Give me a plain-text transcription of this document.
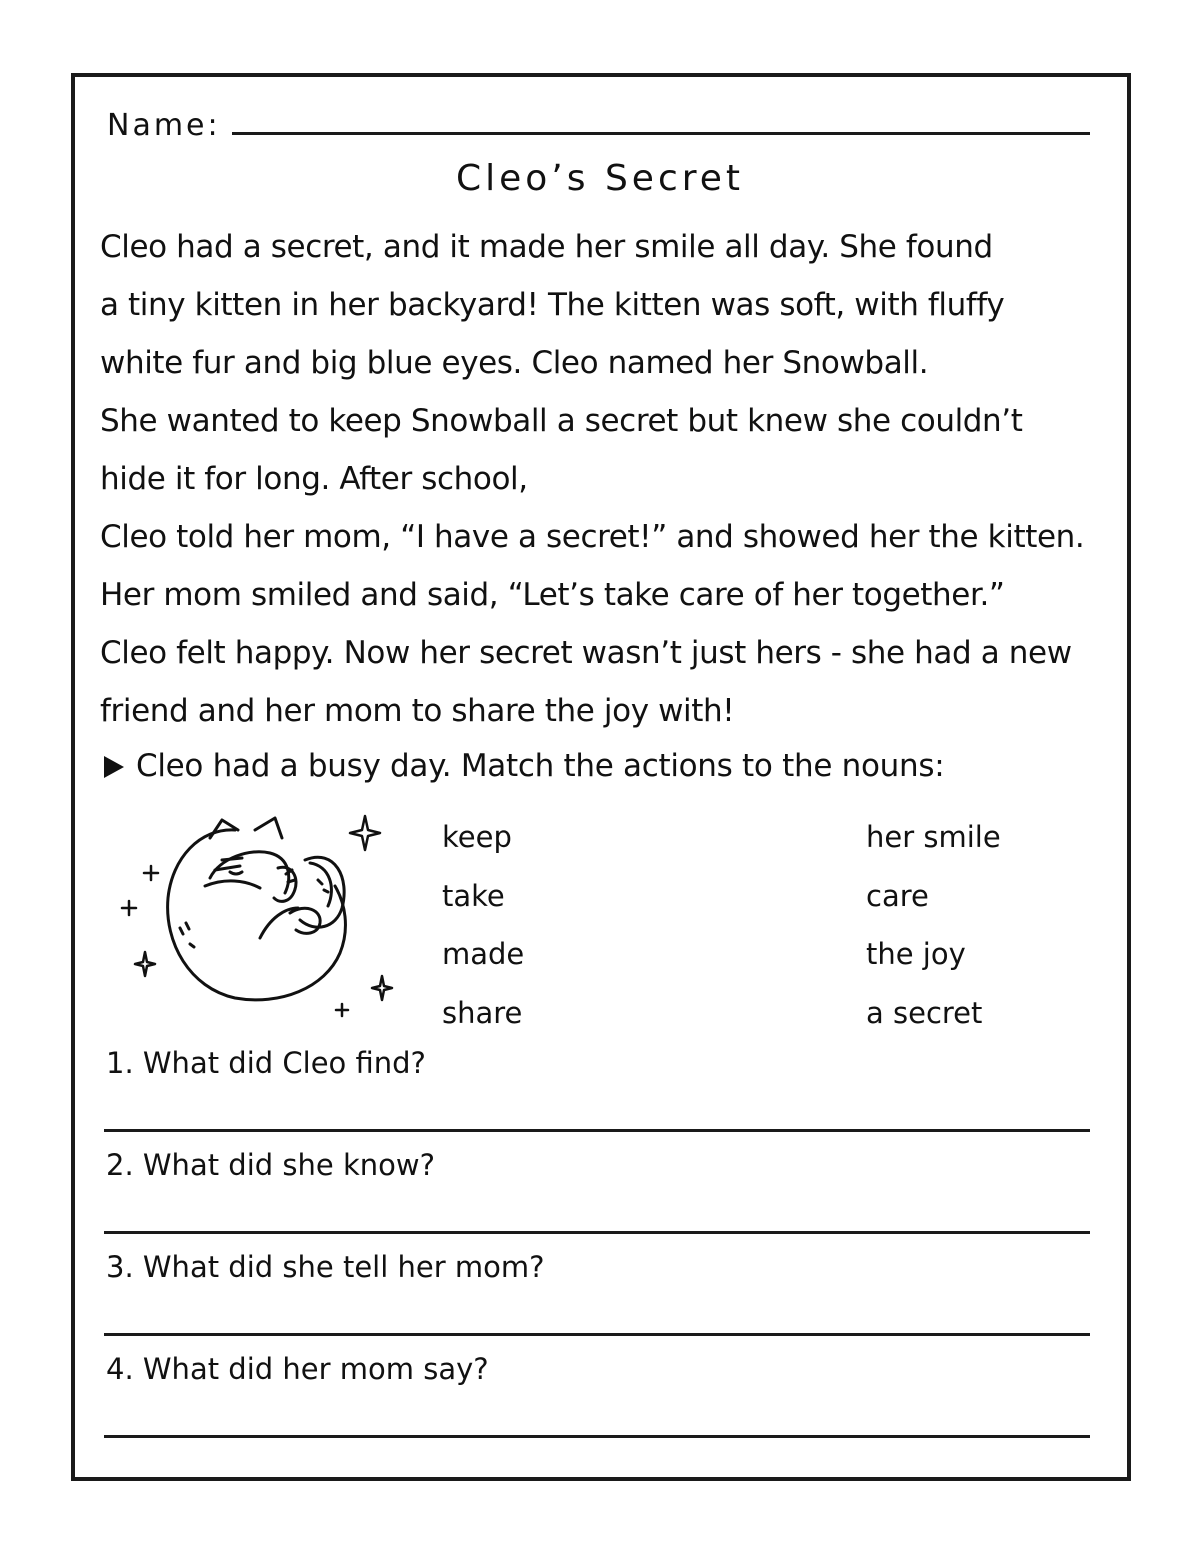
Name:
Cleo’s Secret
Cleo had a secret, and it made her smile all day. She found
a tiny kitten in her backyard! The kitten was soft, with fluffy
white fur and big blue eyes. Cleo named her Snowball.
She wanted to keep Snowball a secret but knew she couldn’t
hide it for long. After school,
Cleo told her mom, “I have a secret!” and showed her the kitten.
Her mom smiled and said, “Let’s take care of her together.”
Cleo felt happy. Now her secret wasn’t just hers - she had a new
friend and her mom to share the joy with!
Cleo had a busy day. Match the actions to the nouns:
keep
take
made
share
her smile
care
the joy
a secret
1. What did Cleo find?
2. What did she know?
3. What did she tell her mom?
4. What did her mom say?
